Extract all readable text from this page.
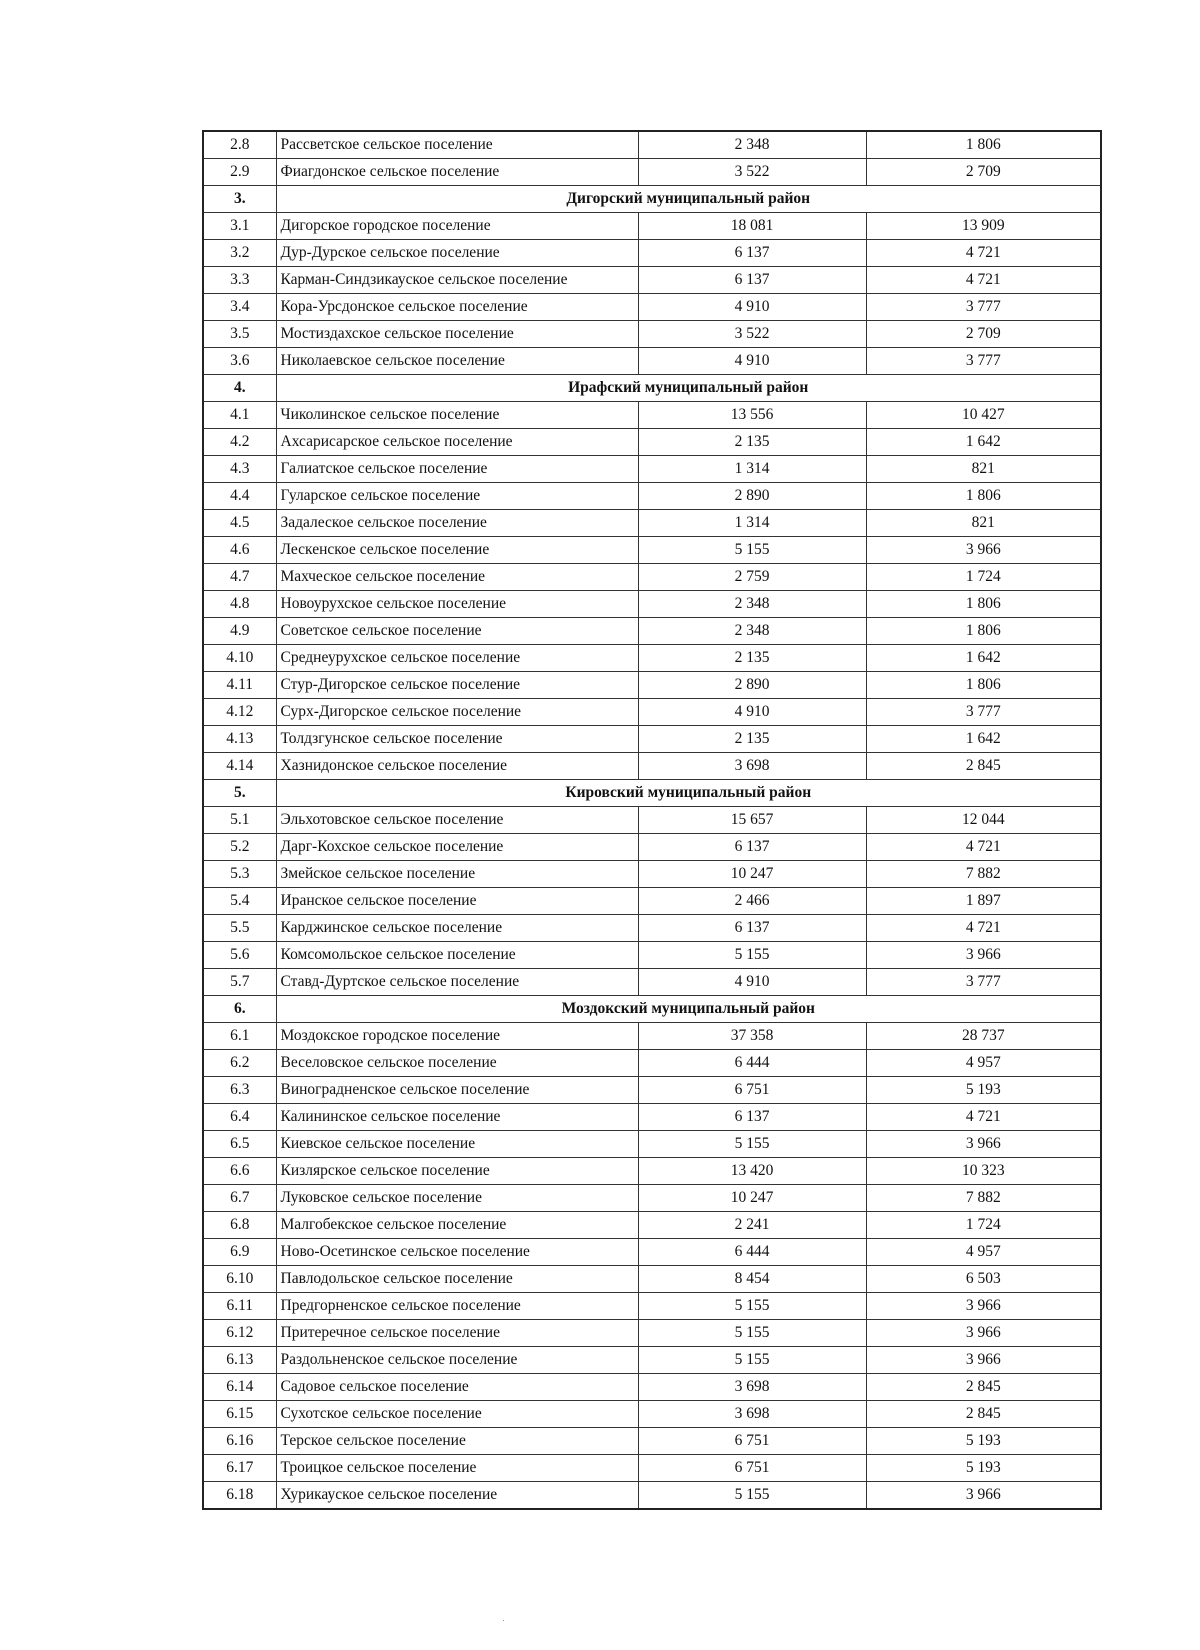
2.8	Рассветское сельское поселение	2 348	1 806
2.9	Фиагдонское сельское поселение	3 522	2 709
3.	Дигорский муниципальный район		
3.1	Дигорское городское поселение	18 081	13 909
3.2	Дур-Дурское сельское поселение	6 137	4 721
3.3	Карман-Синдзикауское сельское поселение	6 137	4 721
3.4	Кора-Урсдонское сельское поселение	4 910	3 777
3.5	Мостиздахское сельское поселение	3 522	2 709
3.6	Николаевское сельское поселение	4 910	3 777
4.	Ирафский муниципальный район		
4.1	Чиколинское сельское поселение	13 556	10 427
4.2	Ахсарисарское сельское поселение	2 135	1 642
4.3	Галиатское сельское поселение	1 314	821
4.4	Гуларское сельское поселение	2 890	1 806
4.5	Задалеское сельское поселение	1 314	821
4.6	Лескенское сельское поселение	5 155	3 966
4.7	Махческое сельское поселение	2 759	1 724
4.8	Новоурухское сельское поселение	2 348	1 806
4.9	Советское сельское поселение	2 348	1 806
4.10	Среднеурухское сельское поселение	2 135	1 642
4.11	Стур-Дигорское сельское поселение	2 890	1 806
4.12	Сурх-Дигорское сельское поселение	4 910	3 777
4.13	Толдзгунское сельское поселение	2 135	1 642
4.14	Хазнидонское сельское поселение	3 698	2 845
5.	Кировский муниципальный район		
5.1	Эльхотовское сельское поселение	15 657	12 044
5.2	Дарг-Кохское сельское поселение	6 137	4 721
5.3	Змейское сельское поселение	10 247	7 882
5.4	Иранское сельское поселение	2 466	1 897
5.5	Карджинское сельское поселение	6 137	4 721
5.6	Комсомольское сельское поселение	5 155	3 966
5.7	Ставд-Дуртское сельское поселение	4 910	3 777
6.	Моздокский муниципальный район		
6.1	Моздокское городское поселение	37 358	28 737
6.2	Веселовское сельское поселение	6 444	4 957
6.3	Виноградненское сельское поселение	6 751	5 193
6.4	Калининское сельское поселение	6 137	4 721
6.5	Киевское сельское поселение	5 155	3 966
6.6	Кизлярское сельское поселение	13 420	10 323
6.7	Луковское сельское поселение	10 247	7 882
6.8	Малгобекское сельское поселение	2 241	1 724
6.9	Ново-Осетинское сельское поселение	6 444	4 957
6.10	Павлодольское сельское поселение	8 454	6 503
6.11	Предгорненское сельское поселение	5 155	3 966
6.12	Притеречное сельское поселение	5 155	3 966
6.13	Раздольненское сельское поселение	5 155	3 966
6.14	Садовое сельское поселение	3 698	2 845
6.15	Сухотское сельское поселение	3 698	2 845
6.16	Терское сельское поселение	6 751	5 193
6.17	Троицкое сельское поселение	6 751	5 193
6.18	Хурикауское сельское поселение	5 155	3 966
